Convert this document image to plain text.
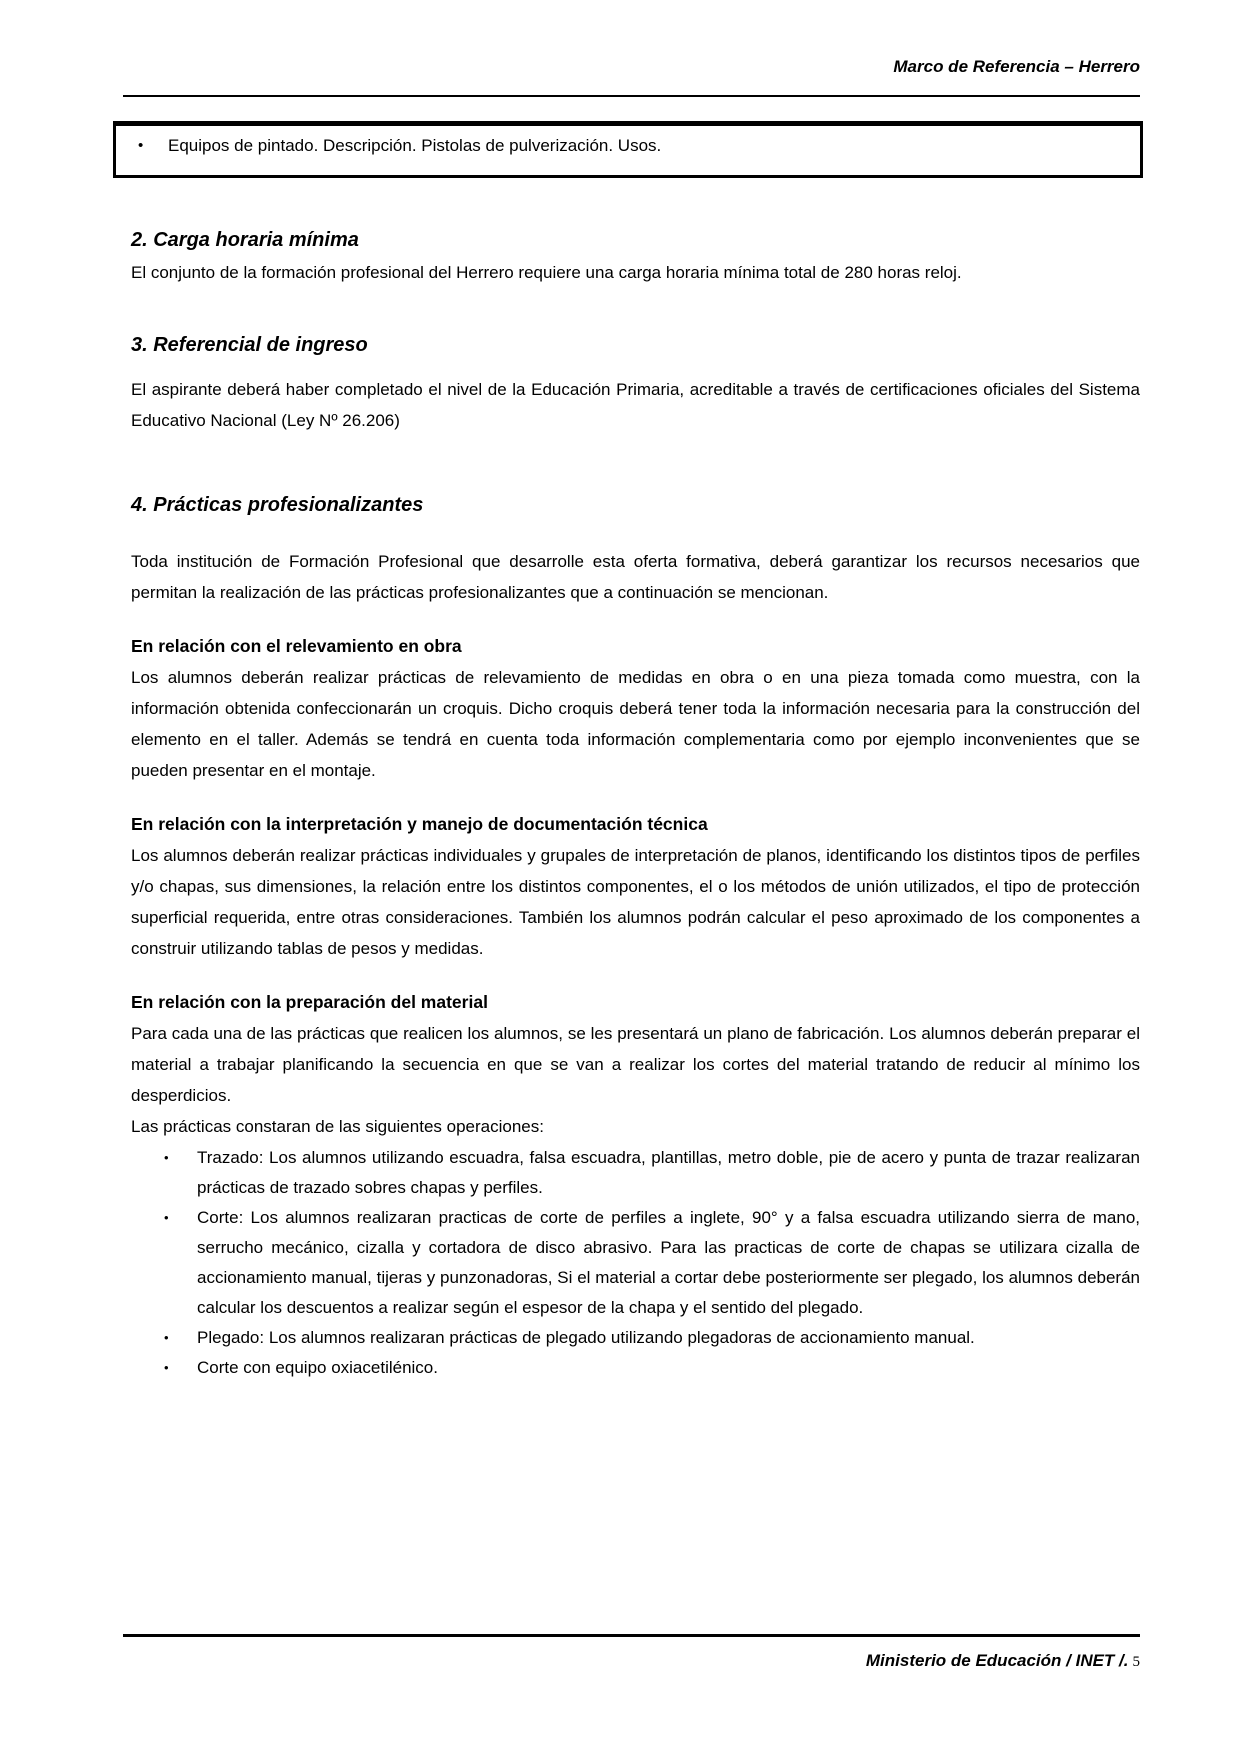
Marco de Referencia – Herrero
•	Equipos de pintado. Descripción. Pistolas de pulverización. Usos.
2. Carga horaria mínima

El conjunto de la formación profesional del Herrero requiere una carga horaria mínima total de 280 horas reloj.

3. Referencial de ingreso

El aspirante deberá haber completado el nivel de la Educación Primaria, acreditable a través de certificaciones oficiales del Sistema Educativo Nacional (Ley Nº 26.206)

4. Prácticas profesionalizantes

Toda institución de Formación Profesional que desarrolle esta oferta formativa, deberá garantizar los recursos necesarios que permitan la realización de las prácticas profesionalizantes que a continuación se mencionan.

En relación con el relevamiento en obra

Los alumnos deberán realizar prácticas de relevamiento de medidas en obra o en una pieza tomada como muestra, con la información obtenida confeccionarán un croquis. Dicho croquis deberá tener toda la información necesaria para la construcción del elemento en el taller. Además se tendrá en cuenta toda información complementaria como por ejemplo inconvenientes que se pueden presentar en el montaje.

En relación con la interpretación y manejo de documentación técnica

Los alumnos deberán realizar prácticas individuales y grupales de interpretación de planos, identificando los distintos tipos de perfiles y/o chapas, sus dimensiones, la relación entre los distintos componentes, el o los métodos de unión utilizados, el tipo de protección superficial requerida, entre otras consideraciones. También los alumnos podrán calcular el peso aproximado de los componentes a construir utilizando tablas de pesos y medidas.

En relación con la preparación del material

Para cada una de las prácticas que realicen los alumnos, se les presentará un plano de fabricación. Los alumnos deberán preparar el material a trabajar planificando la secuencia en que se van a realizar los cortes del material tratando de reducir al mínimo los desperdicios.

Las prácticas constaran de las siguientes operaciones:

•	Trazado: Los alumnos utilizando escuadra, falsa escuadra, plantillas, metro doble, pie de acero y punta de trazar realizaran prácticas de trazado sobres chapas y perfiles.
•	Corte: Los alumnos realizaran practicas de corte de perfiles a inglete, 90° y a falsa escuadra utilizando sierra de mano, serrucho mecánico, cizalla y cortadora de disco abrasivo. Para las practicas de corte de chapas se utilizara cizalla de accionamiento manual, tijeras y punzonadoras, Si el material a cortar debe posteriormente ser plegado, los alumnos deberán calcular los descuentos a realizar según el espesor de la chapa y el sentido del plegado.
•	Plegado: Los alumnos realizaran prácticas de plegado utilizando plegadoras de accionamiento manual.
•	Corte con equipo oxiacetilénico.
Ministerio de Educación / INET /. 5
